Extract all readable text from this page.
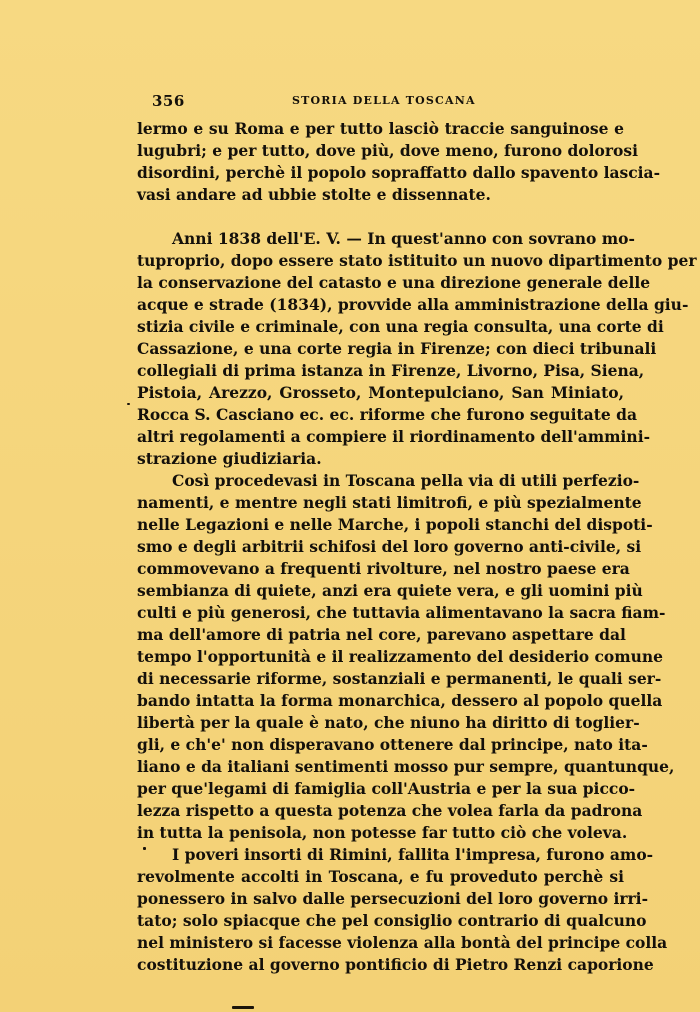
356	STORIA DELLA TOSCANA
lermo e su Roma e per tutto lasciò traccie sanguinose e
lugubri; e per tutto, dove più, dove meno, furono dolorosi
disordini, perchè il popolo sopraffatto dallo spavento lascia-
vasi andare ad ubbie stolte e dissennate.
Anni 1838 dell'E. V. — In quest'anno con sovrano mo-
tuproprio, dopo essere stato istituito un nuovo dipartimento per
la conservazione del catasto e una direzione generale delle
acque e strade (1834), provvide alla amministrazione della giu-
stizia civile e criminale, con una regia consulta, una corte di
Cassazione, e una corte regia in Firenze; con dieci tribunali
collegiali di prima istanza in Firenze, Livorno, Pisa, Siena,
Pistoia, Arezzo, Grosseto, Montepulciano, San Miniato,
Rocca S. Casciano ec. ec. riforme che furono seguitate da
altri regolamenti a compiere il riordinamento dell'ammini-
strazione giudiziaria.
Così procedevasi in Toscana pella via di utili perfezio-
namenti, e mentre negli stati limitrofi, e più spezialmente
nelle Legazioni e nelle Marche, i popoli stanchi del dispoti-
smo e degli arbitrii schifosi del loro governo anti-civile, si
commovevano a frequenti rivolture, nel nostro paese era
sembianza di quiete, anzi era quiete vera, e gli uomini più
culti e più generosi, che tuttavia alimentavano la sacra fiam-
ma dell'amore di patria nel core, parevano aspettare dal
tempo l'opportunità e il realizzamento del desiderio comune
di necessarie riforme, sostanziali e permanenti, le quali ser-
bando intatta la forma monarchica, dessero al popolo quella
libertà per la quale è nato, che niuno ha diritto di toglier-
gli, e ch'e' non disperavano ottenere dal principe, nato ita-
liano e da italiani sentimenti mosso pur sempre, quantunque,
per que'legami di famiglia coll'Austria e per la sua picco-
lezza rispetto a questa potenza che volea farla da padrona
in tutta la penisola, non potesse far tutto ciò che voleva.
I poveri insorti di Rimini, fallita l'impresa, furono amo-
revolmente accolti in Toscana, e fu proveduto perchè si
ponessero in salvo dalle persecuzioni del loro governo irri-
tato; solo spiacque che pel consiglio contrario di qualcuno
nel ministero si facesse violenza alla bontà del principe colla
costituzione al governo pontificio di Pietro Renzi caporione
